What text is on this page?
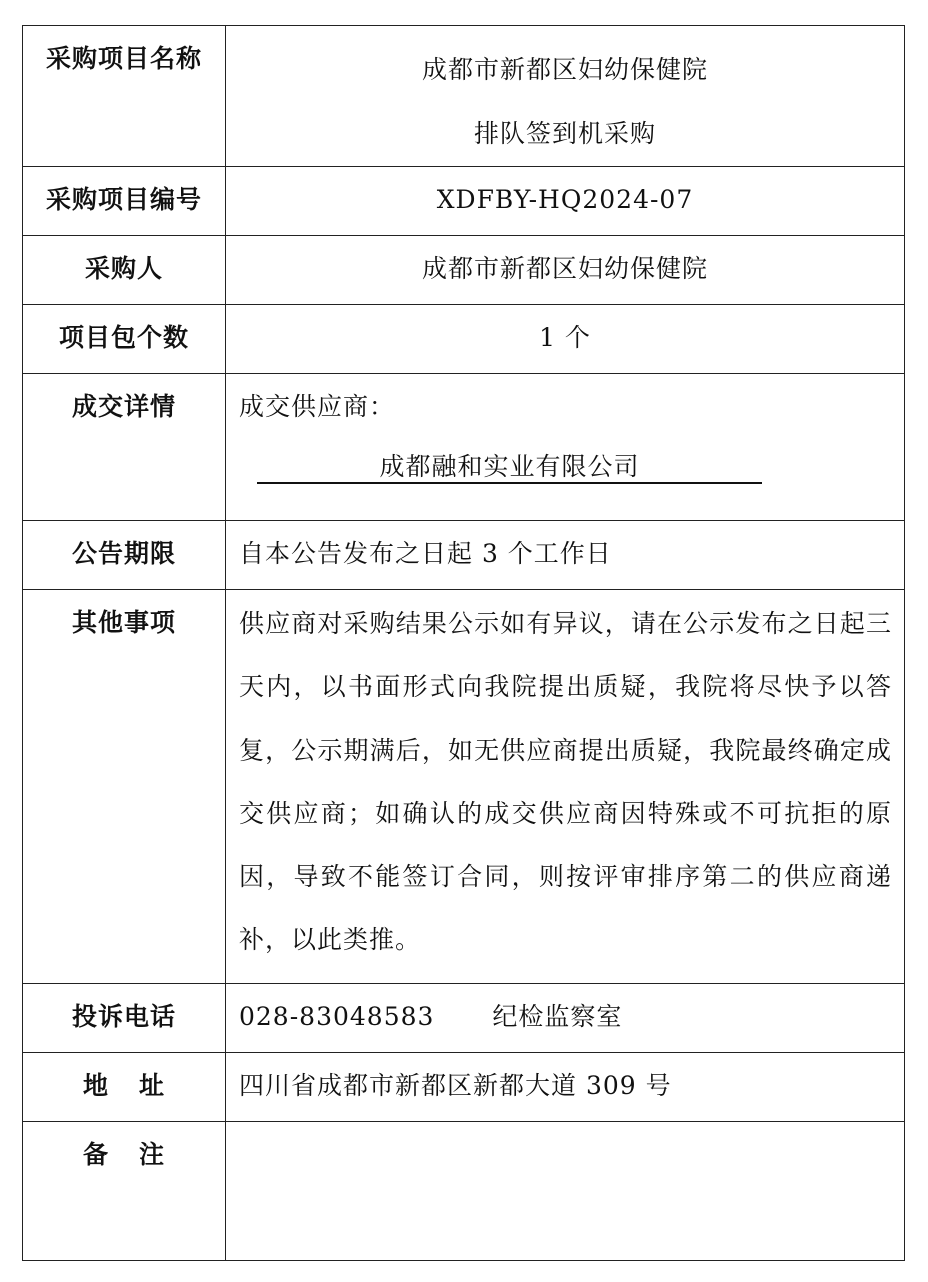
采购项目名称	成都市新都区妇幼保健院
排队签到机采购

采购项目编号	XDFBY-HQ2024-07
采购人	成都市新都区妇幼保健院
项目包个数	1 个
成交详情	成交供应商：
成都融和实业有限公司

公告期限	自本公告发布之日起 3 个工作日
其他事项	供应商对采购结果公示如有异议，请在公示发布之日起三天内，以书面形式向我院提出质疑，我院将尽快予以答复，公示期满后，如无供应商提出质疑，我院最终确定成交供应商；如确认的成交供应商因特殊或不可抗拒的原因，导致不能签订合同，则按评审排序第二的供应商递补，以此类推。

投诉电话	028-83048583 纪检监察室
地 址	四川省成都市新都区新都大道 309 号
备 注	
